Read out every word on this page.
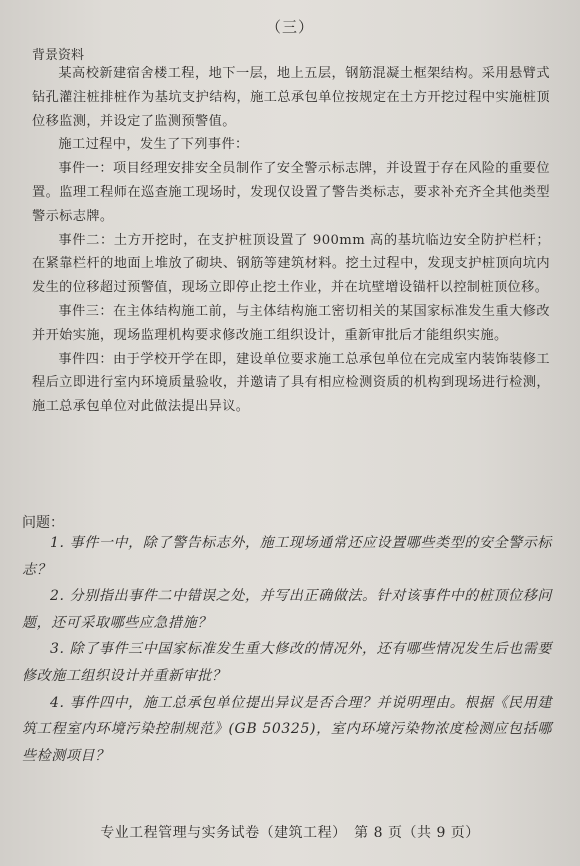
（三）
背景资料

某高校新建宿舍楼工程，地下一层，地上五层，钢筋混凝土框架结构。采用悬臂式钻孔灌注桩排桩作为基坑支护结构，施工总承包单位按规定在土方开挖过程中实施桩顶位移监测，并设定了监测预警值。

施工过程中，发生了下列事件：

事件一：项目经理安排安全员制作了安全警示标志牌，并设置于存在风险的重要位置。监理工程师在巡查施工现场时，发现仅设置了警告类标志，要求补充齐全其他类型警示标志牌。

事件二：土方开挖时，在支护桩顶设置了 900mm 高的基坑临边安全防护栏杆；在紧靠栏杆的地面上堆放了砌块、钢筋等建筑材料。挖土过程中，发现支护桩顶向坑内发生的位移超过预警值，现场立即停止挖土作业，并在坑壁增设锚杆以控制桩顶位移。

事件三：在主体结构施工前，与主体结构施工密切相关的某国家标准发生重大修改并开始实施，现场监理机构要求修改施工组织设计，重新审批后才能组织实施。

事件四：由于学校开学在即，建设单位要求施工总承包单位在完成室内装饰装修工程后立即进行室内环境质量验收，并邀请了具有相应检测资质的机构到现场进行检测，施工总承包单位对此做法提出异议。

问题：

1. 事件一中，除了警告标志外，施工现场通常还应设置哪些类型的安全警示标志？

2. 分别指出事件二中错误之处，并写出正确做法。针对该事件中的桩顶位移问题，还可采取哪些应急措施？

3. 除了事件三中国家标准发生重大修改的情况外，还有哪些情况发生后也需要修改施工组织设计并重新审批？

4. 事件四中，施工总承包单位提出异议是否合理？并说明理由。根据《民用建筑工程室内环境污染控制规范》(GB 50325)，室内环境污染物浓度检测应包括哪些检测项目？

专业工程管理与实务试卷（建筑工程）　第 8 页（共 9 页）
